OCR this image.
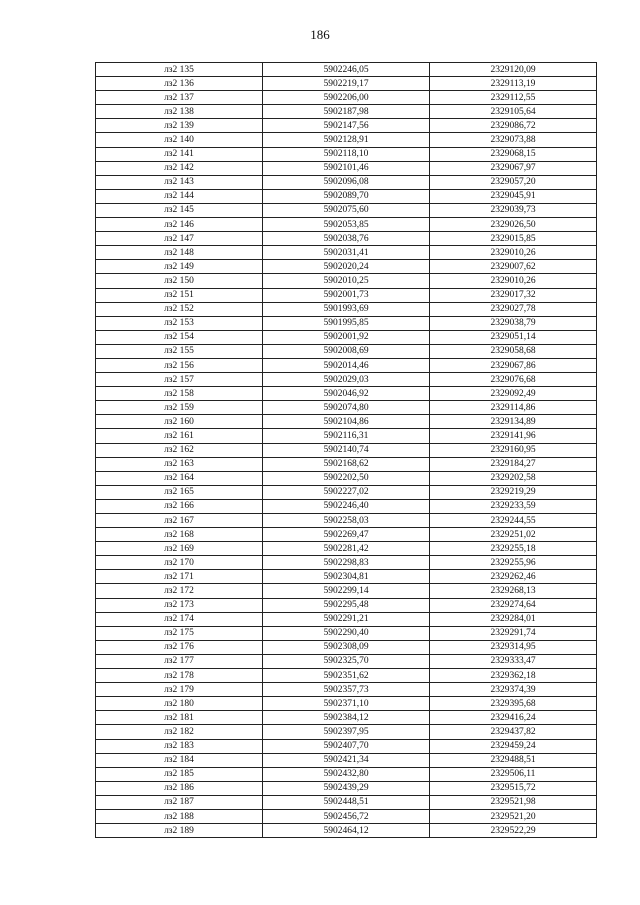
186
лз2 135	5902246,05	2329120,09
лз2 136	5902219,17	2329113,19
лз2 137	5902206,00	2329112,55
лз2 138	5902187,98	2329105,64
лз2 139	5902147,56	2329086,72
лз2 140	5902128,91	2329073,88
лз2 141	5902118,10	2329068,15
лз2 142	5902101,46	2329067,97
лз2 143	5902096,08	2329057,20
лз2 144	5902089,70	2329045,91
лз2 145	5902075,60	2329039,73
лз2 146	5902053,85	2329026,50
лз2 147	5902038,76	2329015,85
лз2 148	5902031,41	2329010,26
лз2 149	5902020,24	2329007,62
лз2 150	5902010,25	2329010,26
лз2 151	5902001,73	2329017,32
лз2 152	5901993,69	2329027,78
лз2 153	5901995,85	2329038,79
лз2 154	5902001,92	2329051,14
лз2 155	5902008,69	2329058,68
лз2 156	5902014,46	2329067,86
лз2 157	5902029,03	2329076,68
лз2 158	5902046,92	2329092,49
лз2 159	5902074,80	2329114,86
лз2 160	5902104,86	2329134,89
лз2 161	5902116,31	2329141,96
лз2 162	5902140,74	2329160,95
лз2 163	5902168,62	2329184,27
лз2 164	5902202,50	2329202,58
лз2 165	5902227,02	2329219,29
лз2 166	5902246,40	2329233,59
лз2 167	5902258,03	2329244,55
лз2 168	5902269,47	2329251,02
лз2 169	5902281,42	2329255,18
лз2 170	5902298,83	2329255,96
лз2 171	5902304,81	2329262,46
лз2 172	5902299,14	2329268,13
лз2 173	5902295,48	2329274,64
лз2 174	5902291,21	2329284,01
лз2 175	5902290,40	2329291,74
лз2 176	5902308,09	2329314,95
лз2 177	5902325,70	2329333,47
лз2 178	5902351,62	2329362,18
лз2 179	5902357,73	2329374,39
лз2 180	5902371,10	2329395,68
лз2 181	5902384,12	2329416,24
лз2 182	5902397,95	2329437,82
лз2 183	5902407,70	2329459,24
лз2 184	5902421,34	2329488,51
лз2 185	5902432,80	2329506,11
лз2 186	5902439,29	2329515,72
лз2 187	5902448,51	2329521,98
лз2 188	5902456,72	2329521,20
лз2 189	5902464,12	2329522,29
